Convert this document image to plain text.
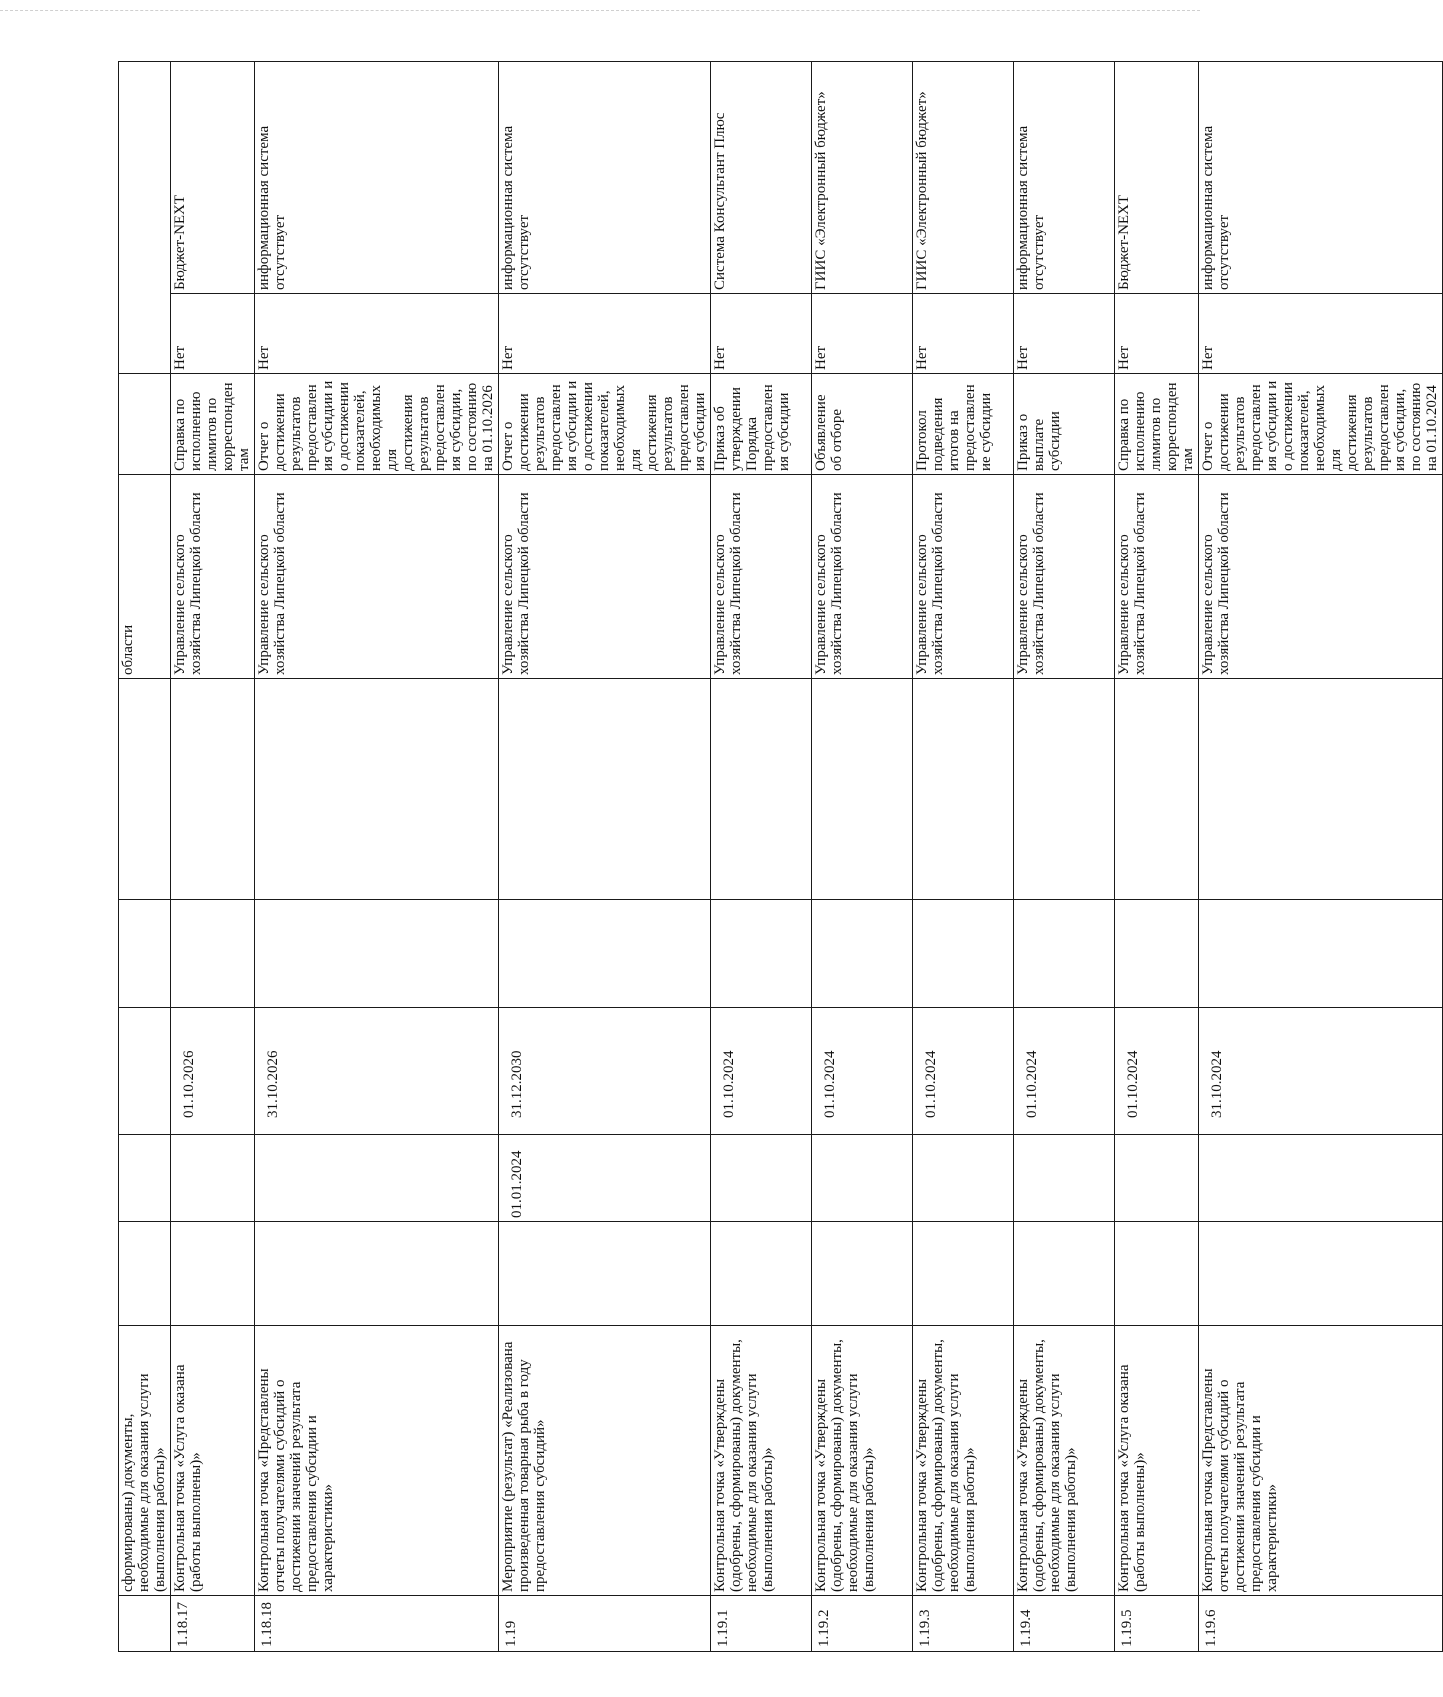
	сформированы) документы, необходимые для оказания услуги (выполнения работы)»						области			
1.18.17	Контрольная точка «Услуга оказана (работы выполнены)»			01.10.2026			Управление сельского хозяйства Липецкой области	Справка по исполнению лимитов по корреспондентам	Нет	Бюджет-NEXT
1.18.18	Контрольная точка «Представлены отчеты получателями субсидий о достижении значений результата предоставления субсидии и характеристики»			31.10.2026			Управление сельского хозяйства Липецкой области	Отчет о достижении результатов предоставления субсидии и о достижении показателей, необходимых для достижения результатов предоставления субсидии, по состоянию на 01.10.2026	Нет	информационная система отсутствует
1.19	Мероприятие (результат) «Реализована произведенная товарная рыба в году предоставления субсидий»		01.01.2024	31.12.2030			Управление сельского хозяйства Липецкой области	Отчет о достижении результатов предоставления субсидии и о достижении показателей, необходимых для достижения результатов предоставления субсидии	Нет	информационная система отсутствует
1.19.1	Контрольная точка «Утверждены (одобрены, сформированы) документы, необходимые для оказания услуги (выполнения работы)»			01.10.2024			Управление сельского хозяйства Липецкой области	Приказ об утверждении Порядка предоставления субсидии	Нет	Система Консультант Плюс
1.19.2	Контрольная точка «Утверждены (одобрены, сформированы) документы, необходимые для оказания услуги (выполнения работы)»			01.10.2024			Управление сельского хозяйства Липецкой области	Объявление об отборе	Нет	ГИИС «Электронный бюджет»
1.19.3	Контрольная точка «Утверждены (одобрены, сформированы) документы, необходимые для оказания услуги (выполнения работы)»			01.10.2024			Управление сельского хозяйства Липецкой области	Протокол подведения итогов на предоставление субсидии	Нет	ГИИС «Электронный бюджет»
1.19.4	Контрольная точка «Утверждены (одобрены, сформированы) документы, необходимые для оказания услуги (выполнения работы)»			01.10.2024			Управление сельского хозяйства Липецкой области	Приказ о выплате субсидии	Нет	информационная система отсутствует
1.19.5	Контрольная точка «Услуга оказана (работы выполнены)»			01.10.2024			Управление сельского хозяйства Липецкой области	Справка по исполнению лимитов по корреспондентам	Нет	Бюджет-NEXT
1.19.6	Контрольная точка «Представлены отчеты получателями субсидий о достижении значений результата предоставления субсидии и характеристики»			31.10.2024			Управление сельского хозяйства Липецкой области	Отчет о достижении результатов предоставления субсидии и о достижении показателей, необходимых для достижения результатов предоставления субсидии, по состоянию на 01.10.2024	Нет	информационная система отсутствует
